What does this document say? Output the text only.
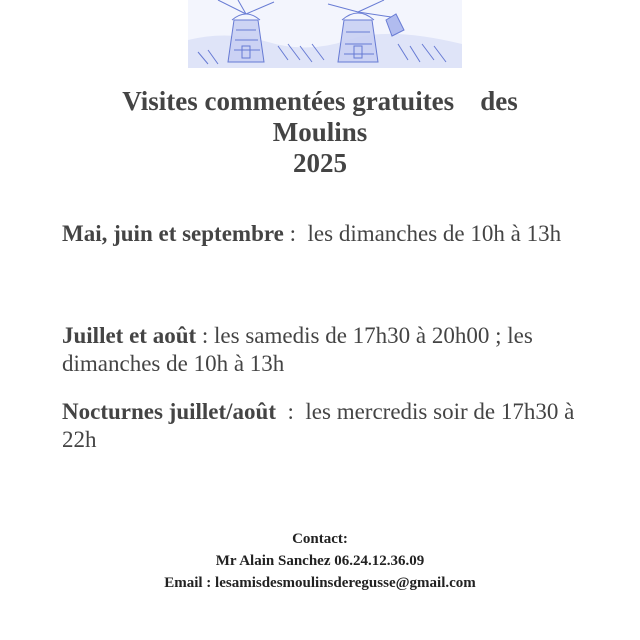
Visites commentées gratuites des
Moulins
2025
Mai, juin et septembre :  les dimanches de 10h à 13h
Juillet et août : les samedis de 17h30 à 20h00 ; les dimanches de 10h à 13h
Nocturnes juillet/août  :  les mercredis soir de 17h30 à 22h
Contact:
Mr Alain Sanchez 06.24.12.36.09
Email : lesamisdesmoulinsderegusse@gmail.com
